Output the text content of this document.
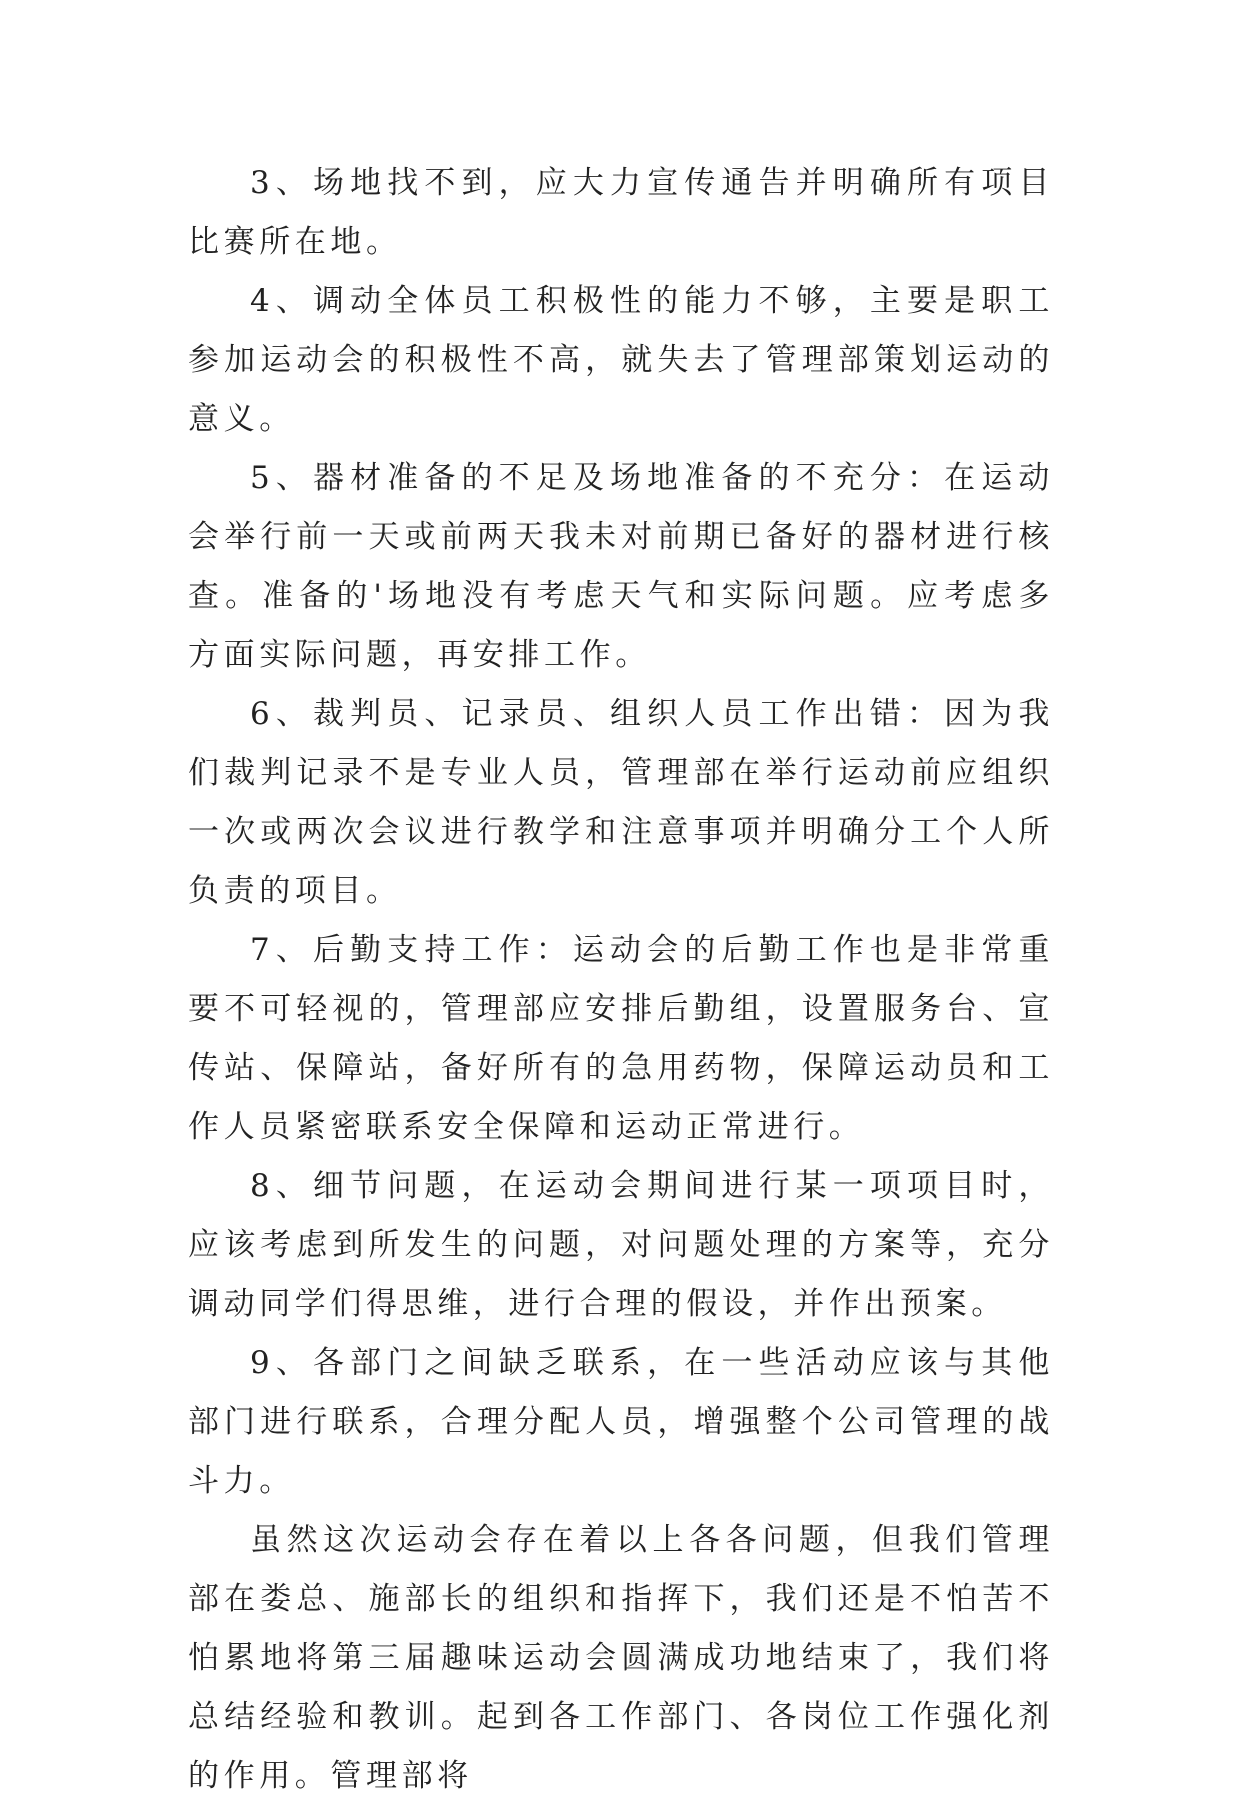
3、场地找不到，应大力宣传通告并明确所有项目比赛所在地。

4、调动全体员工积极性的能力不够，主要是职工参加运动会的积极性不高，就失去了管理部策划运动的意义。

5、器材准备的不足及场地准备的不充分：在运动会举行前一天或前两天我未对前期已备好的器材进行核查。准备的'场地没有考虑天气和实际问题。应考虑多方面实际问题，再安排工作。

6、裁判员、记录员、组织人员工作出错：因为我们裁判记录不是专业人员，管理部在举行运动前应组织一次或两次会议进行教学和注意事项并明确分工个人所负责的项目。

7、后勤支持工作：运动会的后勤工作也是非常重要不可轻视的，管理部应安排后勤组，设置服务台、宣传站、保障站，备好所有的急用药物，保障运动员和工作人员紧密联系安全保障和运动正常进行。

8、细节问题，在运动会期间进行某一项项目时，应该考虑到所发生的问题，对问题处理的方案等，充分调动同学们得思维，进行合理的假设，并作出预案。

9、各部门之间缺乏联系，在一些活动应该与其他部门进行联系，合理分配人员，增强整个公司管理的战斗力。

虽然这次运动会存在着以上各各问题，但我们管理部在娄总、施部长的组织和指挥下，我们还是不怕苦不怕累地将第三届趣味运动会圆满成功地结束了，我们将总结经验和教训。起到各工作部门、各岗位工作强化剂的作用。管理部将
